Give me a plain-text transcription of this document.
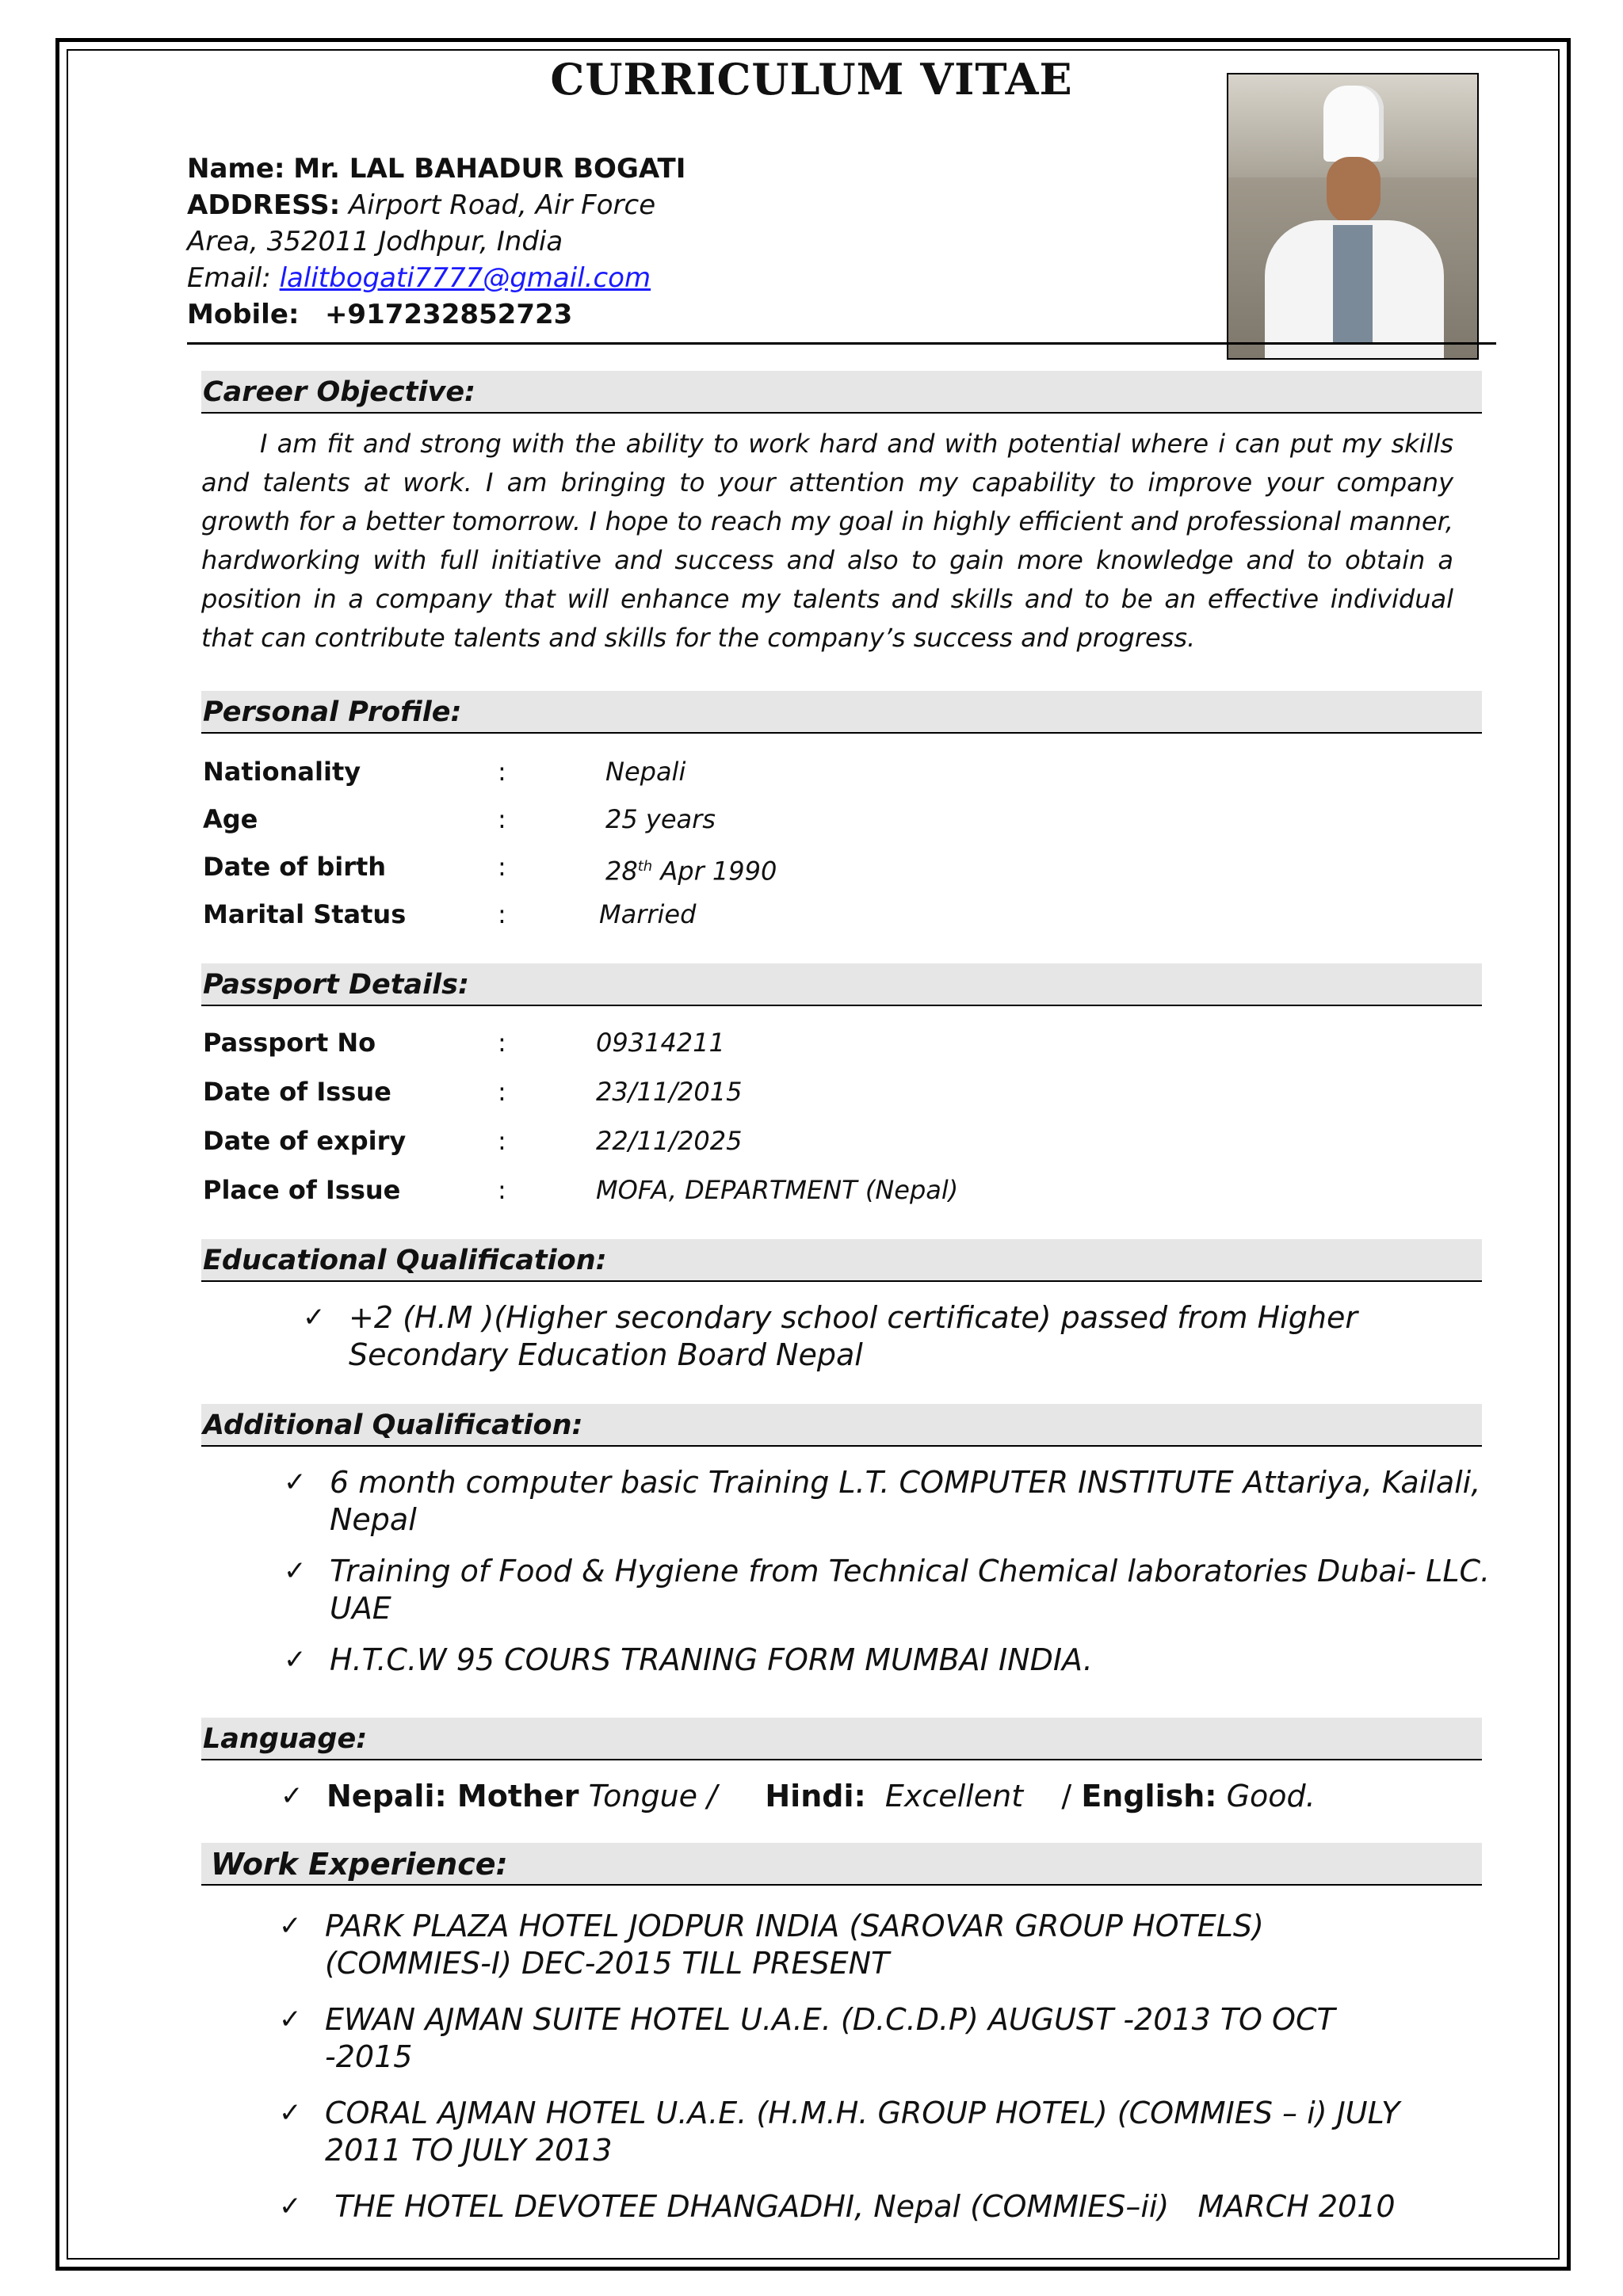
CURRICULUM VITAE
Name: Mr. LAL BAHADUR BOGATI
ADDRESS: Airport Road, Air Force
Area, 352011 Jodhpur, India
Email: lalitbogati7777@gmail.com
Mobile: +917232852723
Career Objective:
I am fit and strong with the ability to work hard and with potential where i can put my skills and talents at work. I am bringing to your attention my capability to improve your company growth for a better tomorrow. I hope to reach my goal in highly efficient and professional manner, hardworking with full initiative and success and also to gain more knowledge and to obtain a position in a company that will enhance my talents and skills and to be an effective individual that can contribute talents and skills for the company’s success and progress.
Personal Profile:
Nationality	:	Nepali
Age	:	25 years
Date of birth	:	28th Apr 1990
Marital Status	:	Married
Passport Details:
Passport No	:	09314211
Date of Issue	:	23/11/2015
Date of expiry	:	22/11/2025
Place of Issue	:	MOFA, DEPARTMENT (Nepal)
Educational Qualification:
✓ +2 (H.M )(Higher secondary school certificate) passed from Higher
Secondary Education Board Nepal
Additional Qualification:
✓ 6 month computer basic Training L.T. COMPUTER INSTITUTE Attariya, Kailali,
Nepal
✓ Training of Food & Hygiene from Technical Chemical laboratories Dubai- LLC.
UAE
✓ H.T.C.W 95 COURS TRANING FORM MUMBAI INDIA.
Language:
✓ Nepali: Mother Tongue / Hindi: Excellent / English: Good.
Work Experience:
✓ PARK PLAZA HOTEL JODPUR INDIA (SAROVAR GROUP HOTELS)
(COMMIES-I) DEC-2015 TILL PRESENT
✓ EWAN AJMAN SUITE HOTEL U.A.E. (D.C.D.P) AUGUST -2013 TO OCT
-2015
✓ CORAL AJMAN HOTEL U.A.E. (H.M.H. GROUP HOTEL) (COMMIES – i) JULY
2011 TO JULY 2013
✓ THE HOTEL DEVOTEE DHANGADHI, Nepal (COMMIES–ii)   MARCH 2010
